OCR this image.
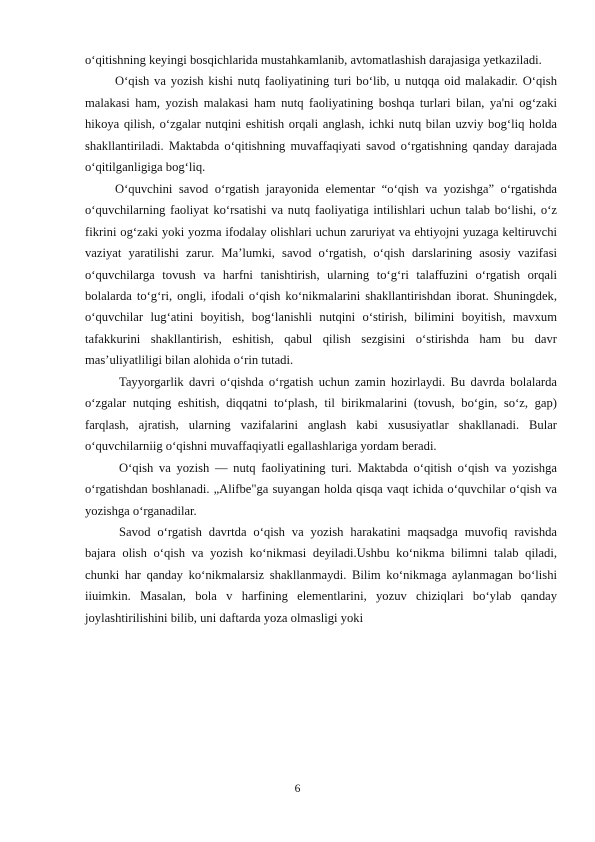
o‘qitishning keyingi bosqichlarida mustahkamlanib, avtomatlashish darajasiga yetkaziladi.

O‘qish va yozish kishi nutq faoliyatining turi bo‘lib, u nutqqa oid malakadir. O‘qish malakasi ham, yozish malakasi ham nutq faoliyatining boshqa turlari bilan, ya'ni og‘zaki hikoya qilish, o‘zgalar nutqini eshitish orqali anglash, ichki nutq bilan uzviy bog‘liq holda shakllantiriladi. Maktabda o‘qitishning muvaffaqiyati savod o‘rgatishning qanday darajada o‘qitilganligiga bog‘liq.

O‘quvchini savod o‘rgatish jarayonida elementar “o‘qish va yozishga” o‘rgatishda o‘quvchilarning faoliyat ko‘rsatishi va nutq faoliyatiga intilishlari uchun talab bo‘lishi, o‘z fikrini og‘zaki yoki yozma ifodalay olishlari uchun zaruriyat va ehtiyojni yuzaga keltiruvchi vaziyat yaratilishi zarur. Ma’lumki, savod o‘rgatish, o‘qish darslarining asosiy vazifasi o‘quvchilarga tovush va harfni tanishtirish, ularning to‘g‘ri talaffuzini o‘rgatish orqali bolalarda to‘g‘ri, ongli, ifodali o‘qish ko‘nikmalarini shakllantirishdan iborat. Shuningdek, o‘quvchilar lug‘atini boyitish, bog‘lanishli nutqini o‘stirish, bilimini boyitish, mavxum tafakkurini shakllantirish, eshitish, qabul qilish sezgisini o‘stirishda ham bu davr mas’uliyatliligi bilan alohida o‘rin tutadi.

Tayyorgarlik davri o‘qishda o‘rgatish uchun zamin hozirlaydi. Bu davrda bolalarda o‘zgalar nutqing eshitish, diqqatni to‘plash, til birikmalarini (tovush, bo‘gin, so‘z, gap) farqlash, ajratish, ularning vazifalarini anglash kabi xususiyatlar shakllanadi. Bular o‘quvchilarniig o‘qishni muvaffaqiyatli egallashlariga yordam beradi.

O‘qish va yozish — nutq faoliyatining turi. Maktabda o‘qitish o‘qish va yozishga o‘rgatishdan boshlanadi. „Alifbe"ga suyangan holda qisqa vaqt ichida o‘quvchilar o‘qish va yozishga o‘rganadilar.

Savod o‘rgatish davrtda o‘qish va yozish harakatini maqsadga muvofiq ravishda bajara olish o‘qish va yozish ko‘nikmasi deyiladi.Ushbu ko‘nikma bilimni talab qiladi, chunki har qanday ko‘nikmalarsiz shakllanmaydi. Bilim ko‘nikmaga aylanmagan bo‘lishi iiuimkin. Masalan, bola v harfining elementlarini, yozuv chiziqlari bo‘ylab qanday joylashtirilishini bilib, uni daftarda yoza olmasligi yoki

6
